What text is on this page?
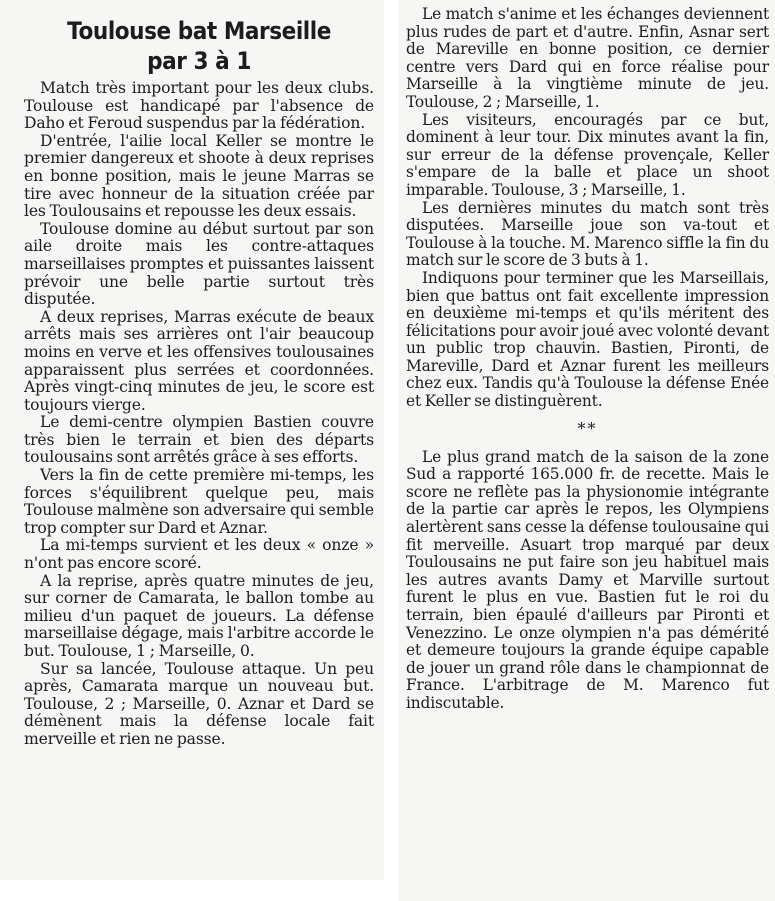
Toulouse bat Marseille
par 3 à 1

Match très important pour les deux clubs. Toulouse est handicapé par l'absence de Daho et Feroud suspendus par la fédération.

D'entrée, l'ailie local Keller se montre le premier dangereux et shoote à deux reprises en bonne position, mais le jeune Marras se tire avec honneur de la situation créée par les Toulousains et repousse les deux essais.

Toulouse domine au début surtout par son aile droite mais les contre-attaques marseillaises promptes et puissantes laissent prévoir une belle partie surtout très disputée.

A deux reprises, Marras exécute de beaux arrêts mais ses arrières ont l'air beaucoup moins en verve et les offensives toulousaines apparaissent plus serrées et coordonnées. Après vingt-cinq minutes de jeu, le score est toujours vierge.

Le demi-centre olympien Bastien couvre très bien le terrain et bien des départs toulousains sont arrêtés grâce à ses efforts.

Vers la fin de cette première mi-temps, les forces s'équilibrent quelque peu, mais Toulouse malmène son adversaire qui semble trop compter sur Dard et Aznar.

La mi-temps survient et les deux « onze » n'ont pas encore scoré.

A la reprise, après quatre minutes de jeu, sur corner de Camarata, le ballon tombe au milieu d'un paquet de joueurs. La défense marseillaise dégage, mais l'arbitre accorde le but. Toulouse, 1 ; Marseille, 0.

Sur sa lancée, Toulouse attaque. Un peu après, Camarata marque un nouveau but. Toulouse, 2 ; Marseille, 0. Aznar et Dard se démènent mais la défense locale fait merveille et rien ne passe.

Le match s'anime et les échanges deviennent plus rudes de part et d'autre. Enfin, Asnar sert de Mareville en bonne position, ce dernier centre vers Dard qui en force réalise pour Marseille à la vingtième minute de jeu. Toulouse, 2 ; Marseille, 1.

Les visiteurs, encouragés par ce but, dominent à leur tour. Dix minutes avant la fin, sur erreur de la défense provençale, Keller s'empare de la balle et place un shoot imparable. Toulouse, 3 ; Marseille, 1.

Les dernières minutes du match sont très disputées. Marseille joue son va-tout et Toulouse à la touche. M. Marenco siffle la fin du match sur le score de 3 buts à 1.

Indiquons pour terminer que les Marseillais, bien que battus ont fait excellente impression en deuxième mi-temps et qu'ils méritent des félicitations pour avoir joué avec volonté devant un public trop chauvin. Bastien, Pironti, de Mareville, Dard et Aznar furent les meilleurs chez eux. Tandis qu'à Toulouse la défense Enée et Keller se distinguèrent.

**

Le plus grand match de la saison de la zone Sud a rapporté 165.000 fr. de recette. Mais le score ne reflète pas la physionomie intégrante de la partie car après le repos, les Olympiens alertèrent sans cesse la défense toulousaine qui fit merveille. Asuart trop marqué par deux Toulousains ne put faire son jeu habituel mais les autres avants Damy et Marville surtout furent le plus en vue. Bastien fut le roi du terrain, bien épaulé d'ailleurs par Pironti et Venezzino. Le onze olympien n'a pas démérité et demeure toujours la grande équipe capable de jouer un grand rôle dans le championnat de France. L'arbitrage de M. Marenco fut indiscutable.
